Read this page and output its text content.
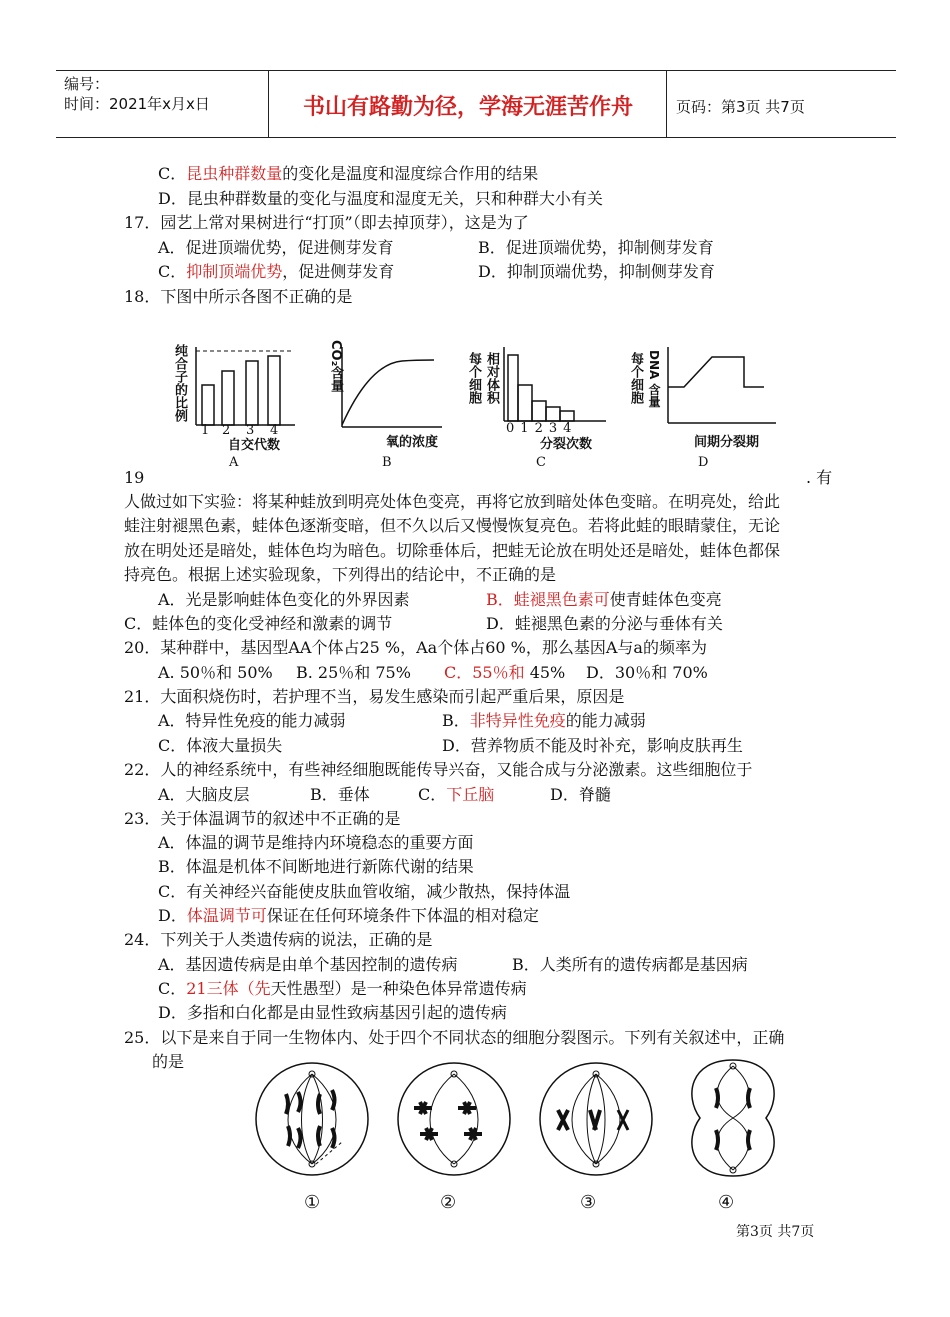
编号：
时间：2021年x月x日	书山有路勤为径，学海无涯苦作舟	页码：第3页 共7页
C．昆虫种群数量的变化是温度和湿度综合作用的结果
D．昆虫种群数量的变化与温度和湿度无关，只和种群大小有关
17．园艺上常对果树进行“打顶”（即去掉顶芽），这是为了
A．促进顶端优势，促进侧芽发育	B．促进顶端优势，抑制侧芽发育
C．抑制顶端优势，促进侧芽发育	D．抑制顶端优势，抑制侧芽发育
18．下图中所示各图不正确的是
纯合子的比例
1 2 3 4
自交代数
A
CO₂含量
氧的浓度
B
每个细胞 相对体积
01234
分裂次数
C
每个细胞 DNA 含量
间期分裂期
D
19	. 有
人做过如下实验：将某种蛙放到明亮处体色变亮，再将它放到暗处体色变暗。在明亮处，给此
蛙注射褪黑色素，蛙体色逐渐变暗，但不久以后又慢慢恢复亮色。若将此蛙的眼睛蒙住，无论
放在明处还是暗处，蛙体色均为暗色。切除垂体后，把蛙无论放在明处还是暗处，蛙体色都保
持亮色。根据上述实验现象，下列得出的结论中，不正确的是
A．光是影响蛙体色变化的外界因素	B．蛙褪黑色素可使青蛙体色变亮
C．蛙体色的变化受神经和激素的调节	D．蛙褪黑色素的分泌与垂体有关
20．某种群中，基因型AA个体占25 %，Aa个体占60 %，那么基因A与a的频率为
A. 50％和 50% B. 25％和 75% C．55％和 45% D．30％和 70%
21．大面积烧伤时，若护理不当，易发生感染而引起严重后果，原因是
A．特异性免疫的能力减弱	B．非特异性免疫的能力减弱
C．体液大量损失	D．营养物质不能及时补充，影响皮肤再生
22．人的神经系统中，有些神经细胞既能传导兴奋，又能合成与分泌激素。这些细胞位于
A．大脑皮层	B．垂体	C．下丘脑	D．脊髓
23．关于体温调节的叙述中不正确的是
A．体温的调节是维持内环境稳态的重要方面
B．体温是机体不间断地进行新陈代谢的结果
C．有关神经兴奋能使皮肤血管收缩，减少散热，保持体温
D．体温调节可保证在任何环境条件下体温的相对稳定
24．下列关于人类遗传病的说法，正确的是
A．基因遗传病是由单个基因控制的遗传病	B．人类所有的遗传病都是基因病
C．21三体（先天性愚型）是一种染色体异常遗传病
D．多指和白化都是由显性致病基因引起的遗传病
25．以下是来自于同一生物体内、处于四个不同状态的细胞分裂图示。下列有关叙述中，正确
的是
①	②	③	④
第3页 共7页
